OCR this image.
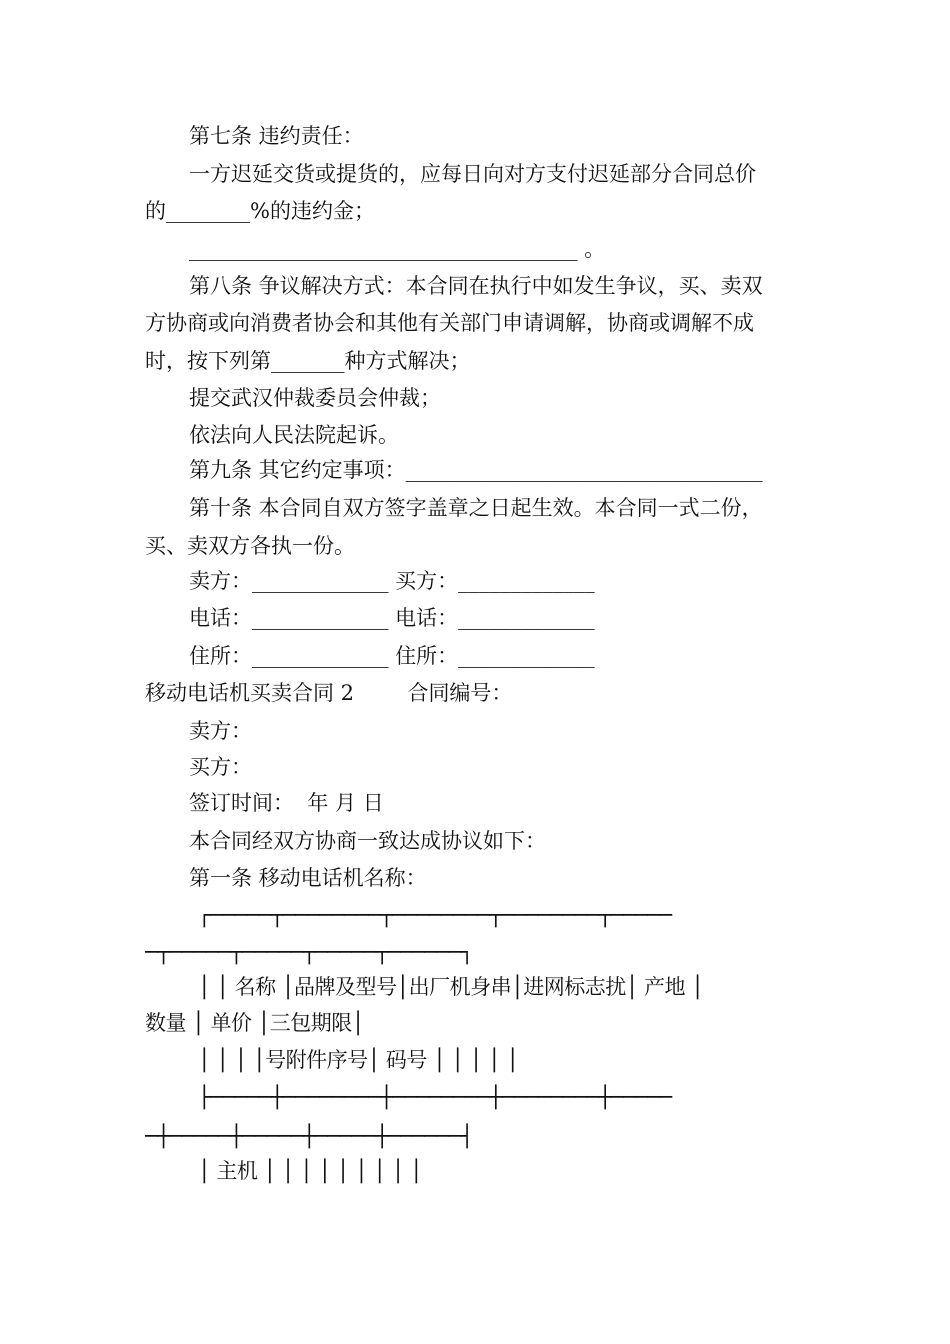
第七条 违约责任：

一方迟延交货或提货的，应每日向对方支付迟延部分合同总价

的________%的违约金；

_____________________________________ 。

第八条 争议解决方式：本合同在执行中如发生争议，买、卖双

方协商或向消费者协会和其他有关部门申请调解，协商或调解不成

时，按下列第_______种方式解决；

提交武汉仲裁委员会仲裁；

依法向人民法院起诉。

第九条 其它约定事项：__________________________________

第十条 本合同自双方签字盖章之日起生效。本合同一式二份，

买、卖双方各执一份。

卖方：_____________ 买方：_____________

电话：_____________ 电话：_____________

住所：_____________ 住所：_____________

移动电话机买卖合同 2        合同编号：

卖方：

买方：

签订时间：  年 月 日

本合同经双方协商一致达成协议如下：

第一条 移动电话机名称：

┌─────┬────────┬────────┬────────┬─────

─┬─────┬─────┬─────┬──────┐

│ │ 名称 │品牌及型号│出厂机身串│进网标志扰│ 产地 │

数量 │ 单价 │三包期限│

│ │ │ │号附件序号│ 码号 │ │ │ │ │

├─────┼────────┼────────┼────────┼─────

─┼─────┼─────┼─────┼──────┤

│ 主机 │ │ │ │ │ │ │ │ │
